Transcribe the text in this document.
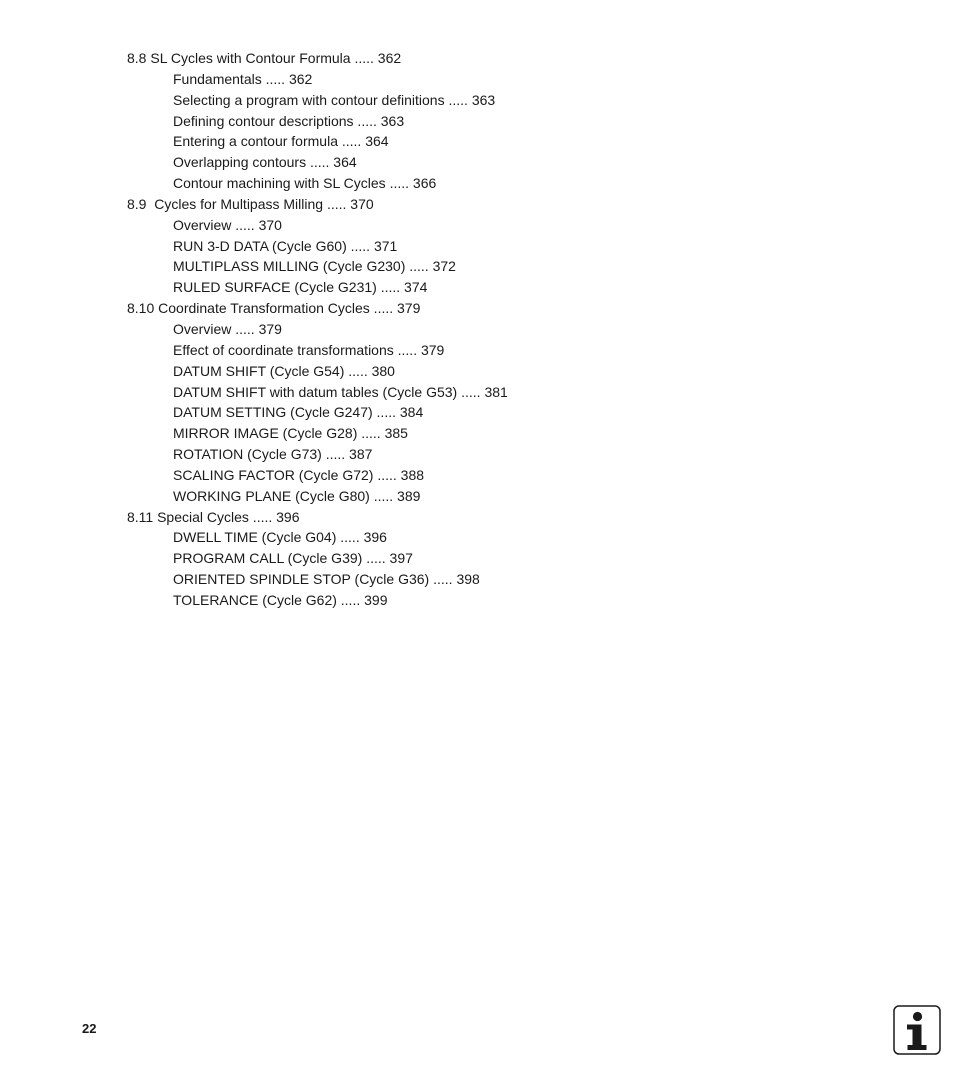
8.8 SL Cycles with Contour Formula ..... 362
Fundamentals ..... 362
Selecting a program with contour definitions ..... 363
Defining contour descriptions ..... 363
Entering a contour formula ..... 364
Overlapping contours ..... 364
Contour machining with SL Cycles ..... 366
8.9  Cycles for Multipass Milling ..... 370
Overview ..... 370
RUN 3-D DATA (Cycle G60) ..... 371
MULTIPLASS MILLING (Cycle G230) ..... 372
RULED SURFACE (Cycle G231) ..... 374
8.10 Coordinate Transformation Cycles ..... 379
Overview ..... 379
Effect of coordinate transformations ..... 379
DATUM SHIFT (Cycle G54) ..... 380
DATUM SHIFT with datum tables (Cycle G53) ..... 381
DATUM SETTING (Cycle G247) ..... 384
MIRROR IMAGE (Cycle G28) ..... 385
ROTATION (Cycle G73) ..... 387
SCALING FACTOR (Cycle G72) ..... 388
WORKING PLANE (Cycle G80) ..... 389
8.11 Special Cycles ..... 396
DWELL TIME (Cycle G04) ..... 396
PROGRAM CALL (Cycle G39) ..... 397
ORIENTED SPINDLE STOP (Cycle G36) ..... 398
TOLERANCE (Cycle G62) ..... 399
22
